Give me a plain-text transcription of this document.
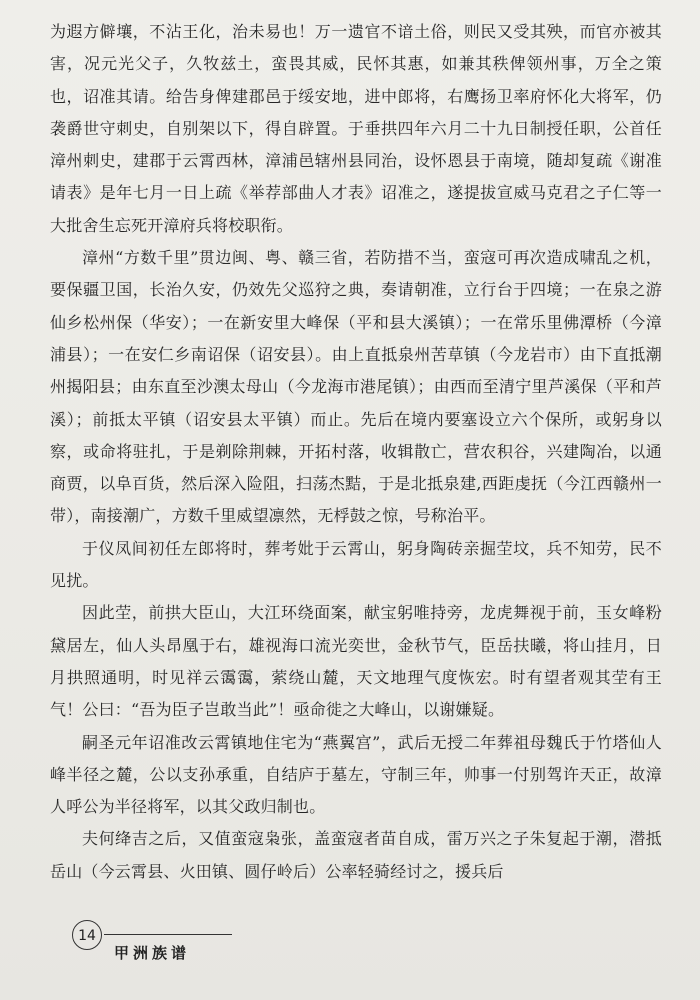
为遐方僻壤，不沾王化，治未易也！万一遗官不谙土俗，则民又受其殃，而官亦被其害，况元光父子，久牧兹土，蛮畏其威，民怀其惠，如兼其秩俾领州事，万全之策也，诏准其请。给告身俾建郡邑于绥安地，进中郎将，右鹰扬卫率府怀化大将军，仍袭爵世守刺史，自别架以下，得自辟置。于垂拱四年六月二十九日制授任职，公首任漳州刺史，建郡于云霄西林，漳浦邑辖州县同治，设怀恩县于南境，随却复疏《谢准请表》是年七月一日上疏《举荐部曲人才表》诏准之，遂提拔宣威马克君之子仁等一大批舍生忘死开漳府兵将校职衔。

漳州“方数千里”贯边闽、粤、赣三省，若防措不当，蛮寇可再次造成啸乱之机，要保疆卫国，长治久安，仍效先父巡狩之典，奏请朝准，立行台于四境；一在泉之游仙乡松州保（华安）；一在新安里大峰保（平和县大溪镇）；一在常乐里佛潭桥（今漳浦县）；一在安仁乡南诏保（诏安县）。由上直抵泉州苦草镇（今龙岩市）由下直抵潮州揭阳县；由东直至沙澳太母山（今龙海市港尾镇）；由西而至清宁里芦溪保（平和芦溪）；前抵太平镇（诏安县太平镇）而止。先后在境内要塞设立六个保所，或躬身以察，或命将驻扎，于是剃除荆棘，开拓村落，收辑散亡，营农积谷，兴建陶冶，以通商贾，以阜百货，然后深入险阻，扫荡杰黠，于是北抵泉建,西距虔抚（今江西赣州一带），南接潮广，方数千里威望凛然，无桴鼓之惊，号称治平。

于仪凤间初任左郎将时，葬考妣于云霄山，躬身陶砖亲掘茔坟，兵不知劳，民不见扰。

因此茔，前拱大臣山，大江环绕面案，献宝躬唯持旁，龙虎舞视于前，玉女峰粉黛居左，仙人头昂凰于右，雄视海口流光奕世，金秋节气，臣岳扶曦，将山挂月，日月拱照通明，时见祥云霭霭，萦绕山麓，天文地理气度恢宏。时有望者观其茔有王气！公曰：“吾为臣子岂敢当此”！亟命徙之大峰山，以谢嫌疑。

嗣圣元年诏准改云霄镇地住宅为“燕翼宫”，武后无授二年葬祖母魏氏于竹塔仙人峰半径之麓，公以支孙承重，自结庐于墓左，守制三年，帅事一付别驾许天正，故漳人呼公为半径将军，以其父政归制也。

夫何绛吉之后，又值蛮寇枭张，盖蛮寇者苗自成，雷万兴之子朱复起于潮，潜抵岳山（今云霄县、火田镇、圆仔岭后）公率轻骑经讨之，援兵后

14
甲洲族谱
